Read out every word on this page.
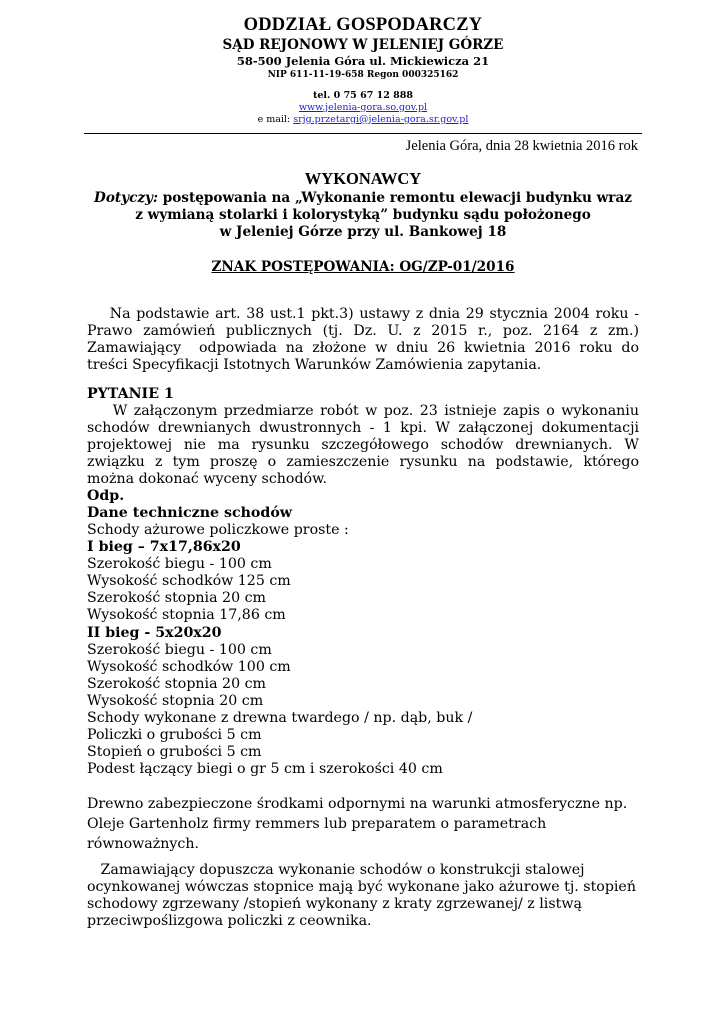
ODDZIAŁ GOSPODARCZY
SĄD REJONOWY W JELENIEJ GÓRZE
58-500 Jelenia Góra ul. Mickiewicza 21
NIP 611-11-19-658 Regon 000325162
tel. 0 75 67 12 888
www.jelenia-gora.so.gov.pl
e mail: srjg.przetargi@jelenia-gora.sr.gov.pl
Jelenia Góra, dnia 28 kwietnia 2016 rok
WYKONAWCY
Dotyczy: postępowania na „Wykonanie remontu elewacji budynku wraz
z wymianą stolarki i kolorystyką” budynku sądu położonego
w Jeleniej Górze przy ul. Bankowej 18
ZNAK POSTĘPOWANIA: OG/ZP-01/2016

Na podstawie art. 38 ust.1 pkt.3) ustawy z dnia 29 stycznia 2004 roku - Prawo zamówień publicznych (tj. Dz. U. z 2015 r., poz. 2164 z zm.) Zamawiający  odpowiada na złożone w dniu 26 kwietnia 2016 roku do  treści Specyfikacji Istotnych Warunków Zamówienia zapytania.

PYTANIE 1

W załączonym przedmiarze robót w poz. 23 istnieje zapis o wykonaniu schodów drewnianych dwustronnych - 1 kpi. W załączonej dokumentacji projektowej nie ma rysunku szczegółowego schodów drewnianych. W związku z tym proszę o zamieszczenie rysunku na podstawie, którego można dokonać wyceny schodów.

Odp.

Dane techniczne schodów

Schody ażurowe policzkowe proste :

I bieg – 7x17,86x20

Szerokość biegu - 100 cm

Wysokość schodków 125 cm

Szerokość stopnia 20 cm

Wysokość stopnia 17,86 cm

II bieg - 5x20x20

Szerokość biegu - 100 cm

Wysokość schodków 100 cm

Szerokość stopnia 20 cm

Wysokość stopnia 20 cm

Schody wykonane z drewna twardego / np. dąb, buk /

Policzki o grubości 5 cm

Stopień o grubości 5 cm

Podest łączący biegi o gr 5 cm i szerokości 40 cm

Drewno zabezpieczone środkami odpornymi na warunki atmosferyczne np. Oleje Gartenholz firmy remmers lub preparatem o parametrach równoważnych.

Zamawiający dopuszcza wykonanie schodów o konstrukcji stalowej ocynkowanej wówczas stopnice mają być wykonane jako ażurowe tj. stopień schodowy zgrzewany /stopień wykonany z kraty zgrzewanej/ z listwą przeciwpoślizgowa policzki z ceownika.
